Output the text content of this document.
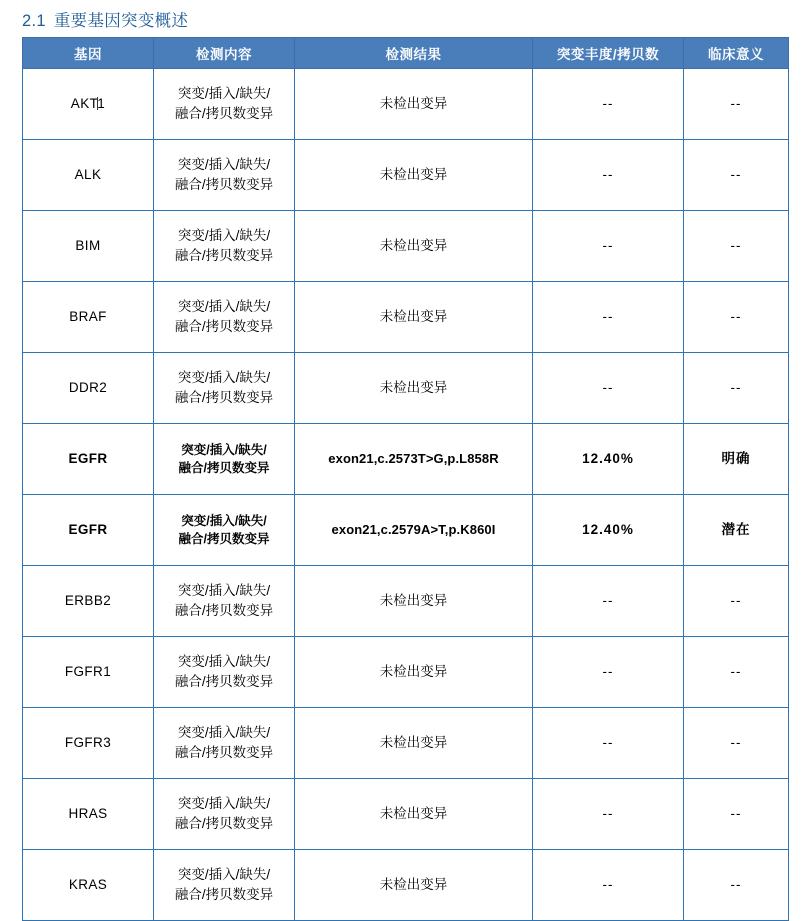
2.1 重要基因突变概述
基因	检测内容	检测结果	突变丰度/拷贝数	临床意义
AKT1	突变/插入/缺失/
融合/拷贝数变异	未检出变异	--	--
ALK	突变/插入/缺失/
融合/拷贝数变异	未检出变异	--	--
BIM	突变/插入/缺失/
融合/拷贝数变异	未检出变异	--	--
BRAF	突变/插入/缺失/
融合/拷贝数变异	未检出变异	--	--
DDR2	突变/插入/缺失/
融合/拷贝数变异	未检出变异	--	--
EGFR	突变/插入/缺失/
融合/拷贝数变异	exon21,c.2573T>G,p.L858R	12.40%	明确
EGFR	突变/插入/缺失/
融合/拷贝数变异	exon21,c.2579A>T,p.K860I	12.40%	潜在
ERBB2	突变/插入/缺失/
融合/拷贝数变异	未检出变异	--	--
FGFR1	突变/插入/缺失/
融合/拷贝数变异	未检出变异	--	--
FGFR3	突变/插入/缺失/
融合/拷贝数变异	未检出变异	--	--
HRAS	突变/插入/缺失/
融合/拷贝数变异	未检出变异	--	--
KRAS	突变/插入/缺失/
融合/拷贝数变异	未检出变异	--	--
